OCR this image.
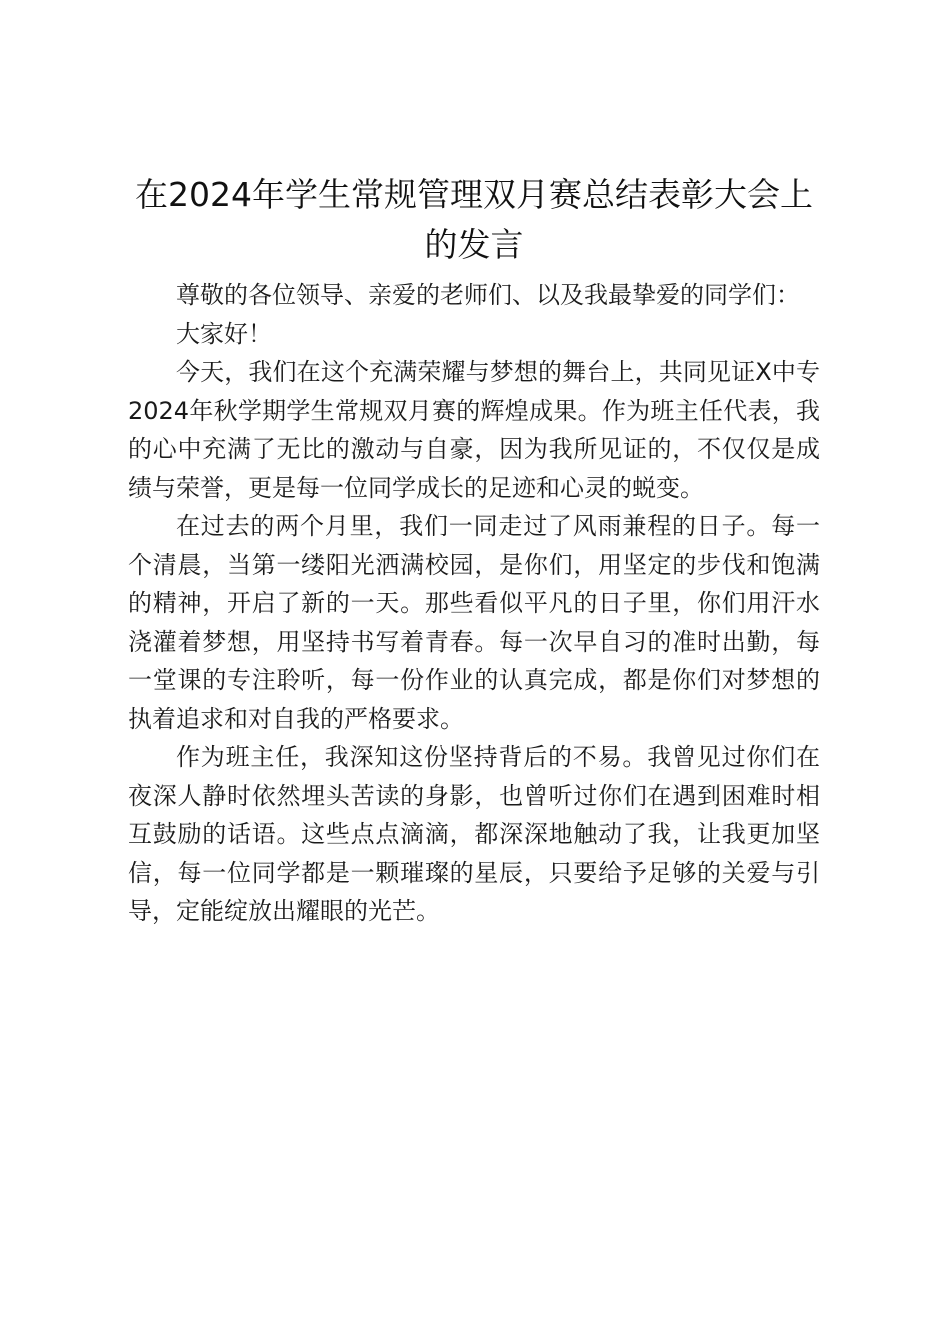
在2024年学生常规管理双月赛总结表彰大会上的发言

尊敬的各位领导、亲爱的老师们、以及我最挚爱的同学们：

大家好！

今天，我们在这个充满荣耀与梦想的舞台上，共同见证X中专2024年秋学期学生常规双月赛的辉煌成果。作为班主任代表，我的心中充满了无比的激动与自豪，因为我所见证的，不仅仅是成绩与荣誉，更是每一位同学成长的足迹和心灵的蜕变。

在过去的两个月里，我们一同走过了风雨兼程的日子。每一个清晨，当第一缕阳光洒满校园，是你们，用坚定的步伐和饱满的精神，开启了新的一天。那些看似平凡的日子里，你们用汗水浇灌着梦想，用坚持书写着青春。每一次早自习的准时出勤，每一堂课的专注聆听，每一份作业的认真完成，都是你们对梦想的执着追求和对自我的严格要求。

作为班主任，我深知这份坚持背后的不易。我曾见过你们在夜深人静时依然埋头苦读的身影，也曾听过你们在遇到困难时相互鼓励的话语。这些点点滴滴，都深深地触动了我，让我更加坚信，每一位同学都是一颗璀璨的星辰，只要给予足够的关爱与引导，定能绽放出耀眼的光芒。
